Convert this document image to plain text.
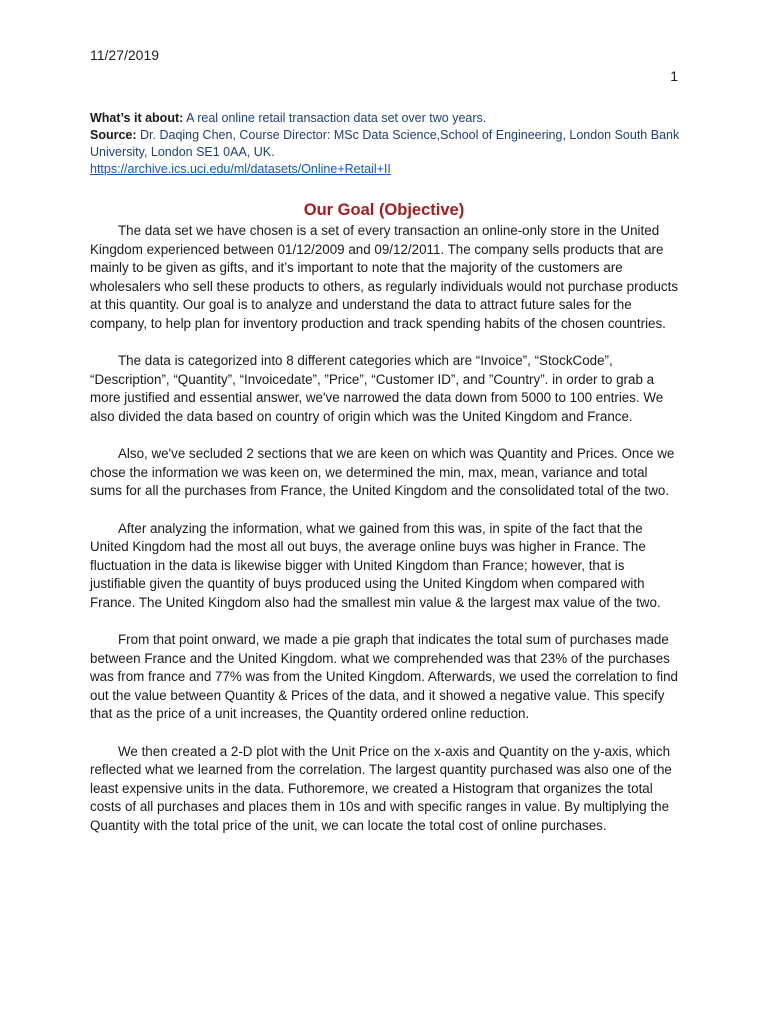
11/27/2019
1
What’s it about: A real online retail transaction data set over two years.
Source: Dr. Daqing Chen, Course Director: MSc Data Science,School of Engineering, London South Bank University, London SE1 0AA, UK.
https://archive.ics.uci.edu/ml/datasets/Online+Retail+II
Our Goal (Objective)

The data set we have chosen is a set of every transaction an online-only store in the United Kingdom experienced between 01/12/2009 and 09/12/2011. The company sells products that are mainly to be given as gifts, and it’s important to note that the majority of the customers are wholesalers who sell these products to others, as regularly individuals would not purchase products at this quantity. Our goal is to analyze and understand the data to attract future sales for the company, to help plan for inventory production and track spending habits of the chosen countries.

The data is categorized into 8 different categories which are “Invoice”, “StockCode”, “Description”, “Quantity”, “Invoicedate”, ”Price”, “Customer ID”, and ”Country”. in order to grab a more justified and essential answer, we've narrowed the data down from 5000 to 100 entries. We also divided the data based on country of origin which was the United Kingdom and France.

Also, we've secluded 2 sections that we are keen on which was Quantity and Prices. Once we chose the information we was keen on, we determined the min, max, mean, variance and total sums for all the purchases from France, the United Kingdom and the consolidated total of the two.

After analyzing the information, what we gained from this was, in spite of the fact that the United Kingdom had the most all out buys, the average online buys was higher in France. The fluctuation in the data is likewise bigger with United Kingdom than France; however, that is justifiable given the quantity of buys produced using the United Kingdom when compared with France. The United Kingdom also had the smallest min value & the largest max value of the two.

From that point onward, we made a pie graph that indicates the total sum of purchases made between France and the United Kingdom. what we comprehended was that 23% of the purchases was from france and 77% was from the United Kingdom. Afterwards, we used the correlation to find out the value between Quantity & Prices of the data, and it showed a negative value. This specify that as the price of a unit increases, the Quantity ordered online reduction.

We then created a 2-D plot with the Unit Price on the x-axis and Quantity on the y-axis, which reflected what we learned from the correlation. The largest quantity purchased was also one of the least expensive units in the data. Futhoremore, we created a Histogram that organizes the total costs of all purchases and places them in 10s and with specific ranges in value. By multiplying the Quantity with the total price of the unit, we can locate the total cost of online purchases.
